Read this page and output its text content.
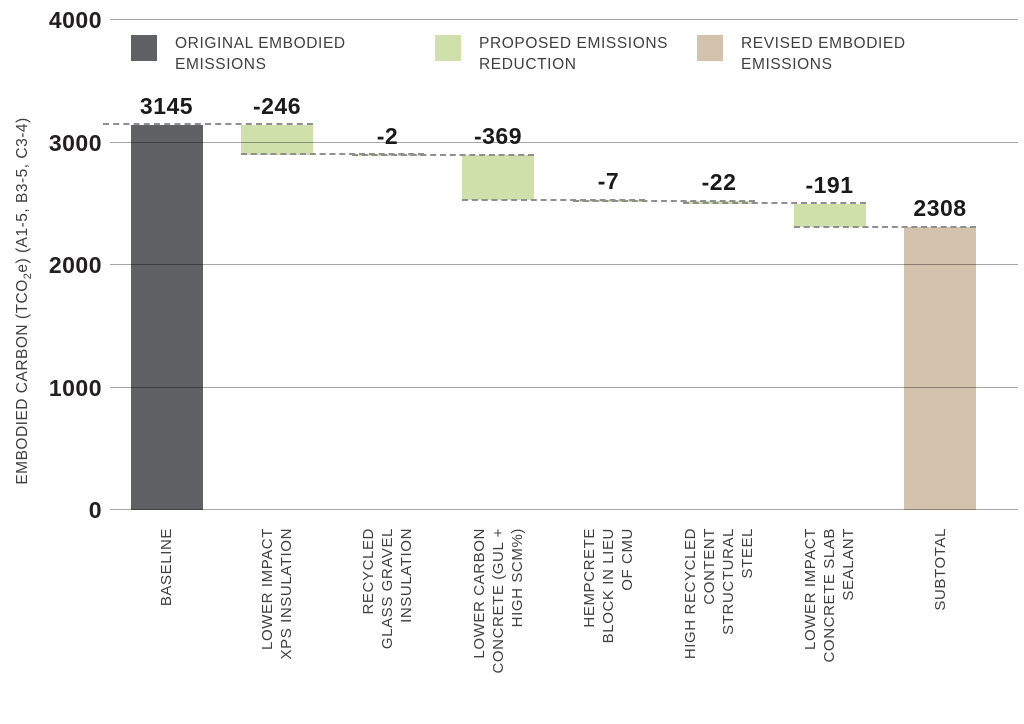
EMBODIED CARBON $(TCO_2e)$ (A1-5, B3-5, C3-4)
0
1000
2000
3000
4000
3145	-246
-2	-369
-7	-22	-191
2308
BASELINE	LOWER IMPACT XPS INSULATION	RECYCLED GLASS GRAVEL INSULATION	LOWER CARBON CONCRETE (GUL + HIGH SCM%)	HEMPCRETE BLOCK IN LIEU OF CMU	HIGH RECYCLED CONTENT STRUCTURAL STEEL	LOWER IMPACT CONCRETE SLAB SEALANT	SUBTOTAL
ORIGINAL EMBODIED
EMISSIONS
PROPOSED EMISSIONS
REDUCTION
REVISED EMBODIED
EMISSIONS
